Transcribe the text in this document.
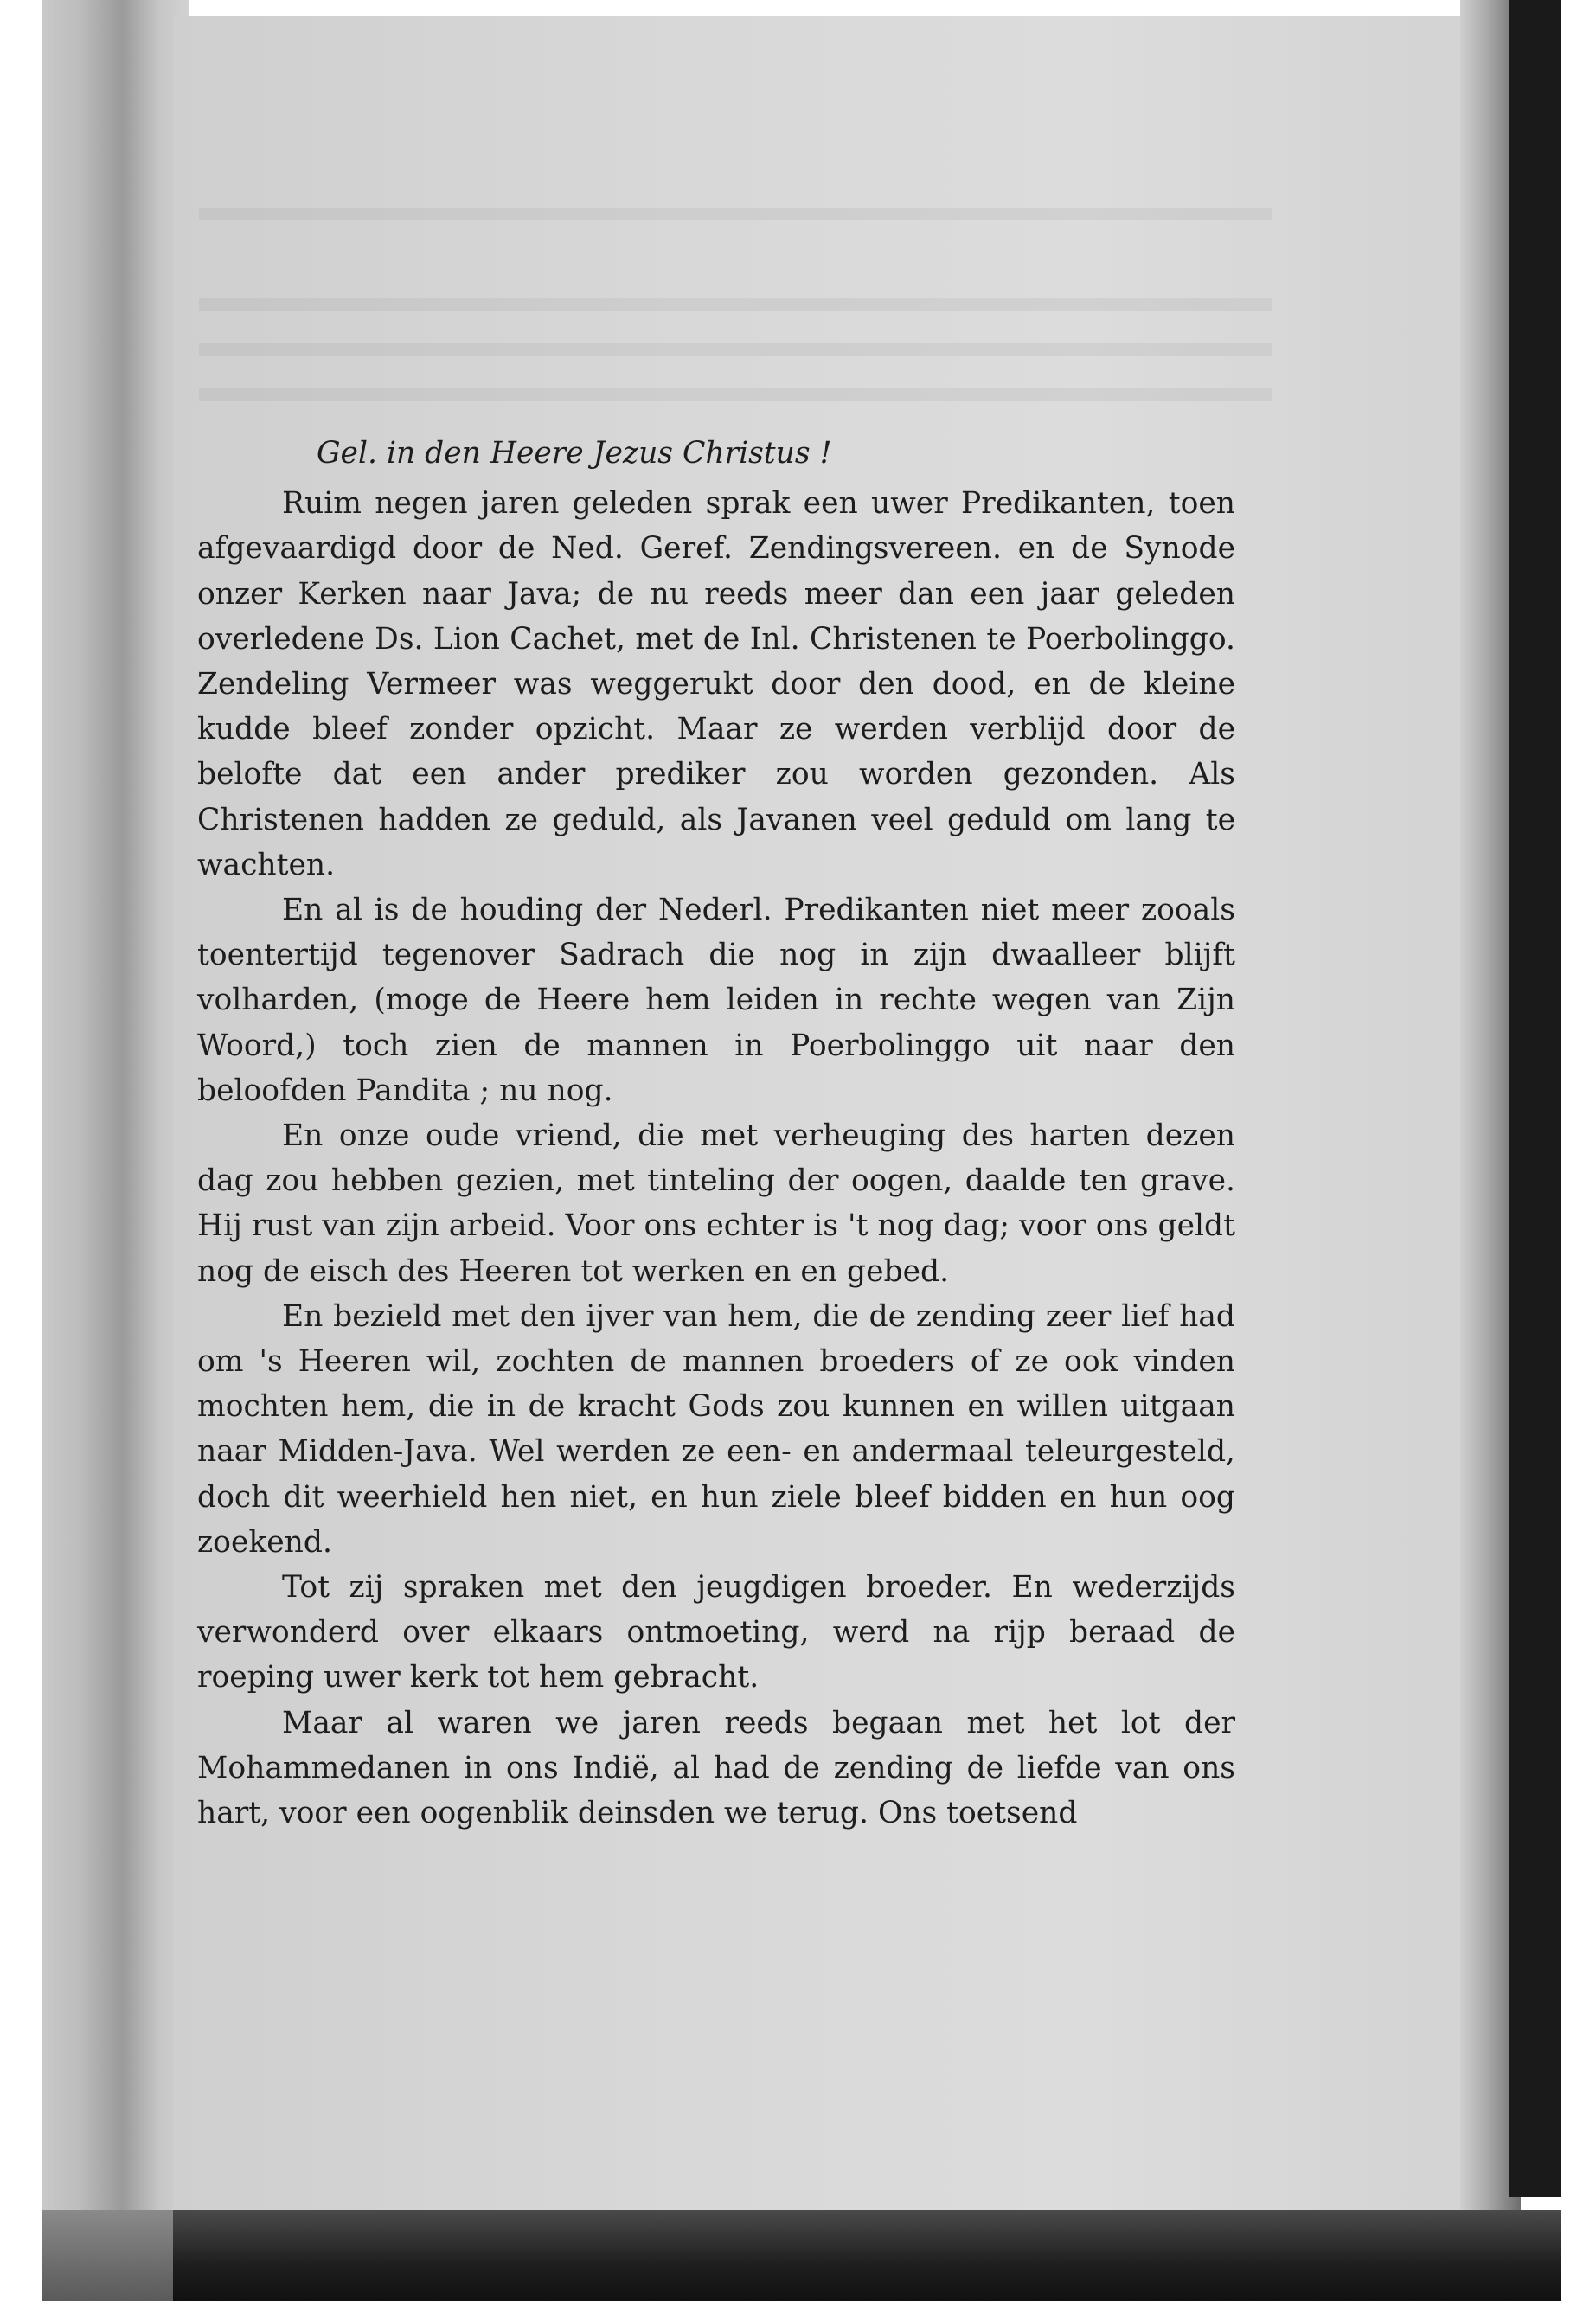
Gel. in den Heere Jezus Christus !

Ruim negen jaren geleden sprak een uwer Predikanten, toen afgevaardigd door de Ned. Geref. Zendingsvereen. en de Synode onzer Kerken naar Java; de nu reeds meer dan een jaar geleden overledene Ds. Lion Cachet, met de Inl. Christenen te Poerbolinggo. Zendeling Vermeer was weggerukt door den dood, en de kleine kudde bleef zonder opzicht. Maar ze werden verblijd door de belofte dat een ander prediker zou worden gezonden. Als Christenen hadden ze geduld, als Javanen veel geduld om lang te wachten.

En al is de houding der Nederl. Predikanten niet meer zooals toentertijd tegenover Sadrach die nog in zijn dwaalleer blijft volharden, (moge de Heere hem leiden in rechte wegen van Zijn Woord,) toch zien de mannen in Poerbolinggo uit naar den beloofden Pandita ; nu nog.

En onze oude vriend, die met verheuging des harten dezen dag zou hebben gezien, met tinteling der oogen, daalde ten grave. Hij rust van zijn arbeid. Voor ons echter is 't nog dag; voor ons geldt nog de eisch des Heeren tot werken en en gebed.

En bezield met den ijver van hem, die de zending zeer lief had om 's Heeren wil, zochten de mannen broeders of ze ook vinden mochten hem, die in de kracht Gods zou kunnen en willen uitgaan naar Midden-Java. Wel werden ze een- en andermaal teleurgesteld, doch dit weerhield hen niet, en hun ziele bleef bidden en hun oog zoekend.

Tot zij spraken met den jeugdigen broeder. En wederzijds verwonderd over elkaars ontmoeting, werd na rijp beraad de roeping uwer kerk tot hem gebracht.

Maar al waren we jaren reeds begaan met het lot der Mohammedanen in ons Indië, al had de zending de liefde van ons hart, voor een oogenblik deinsden we terug. Ons toetsend
